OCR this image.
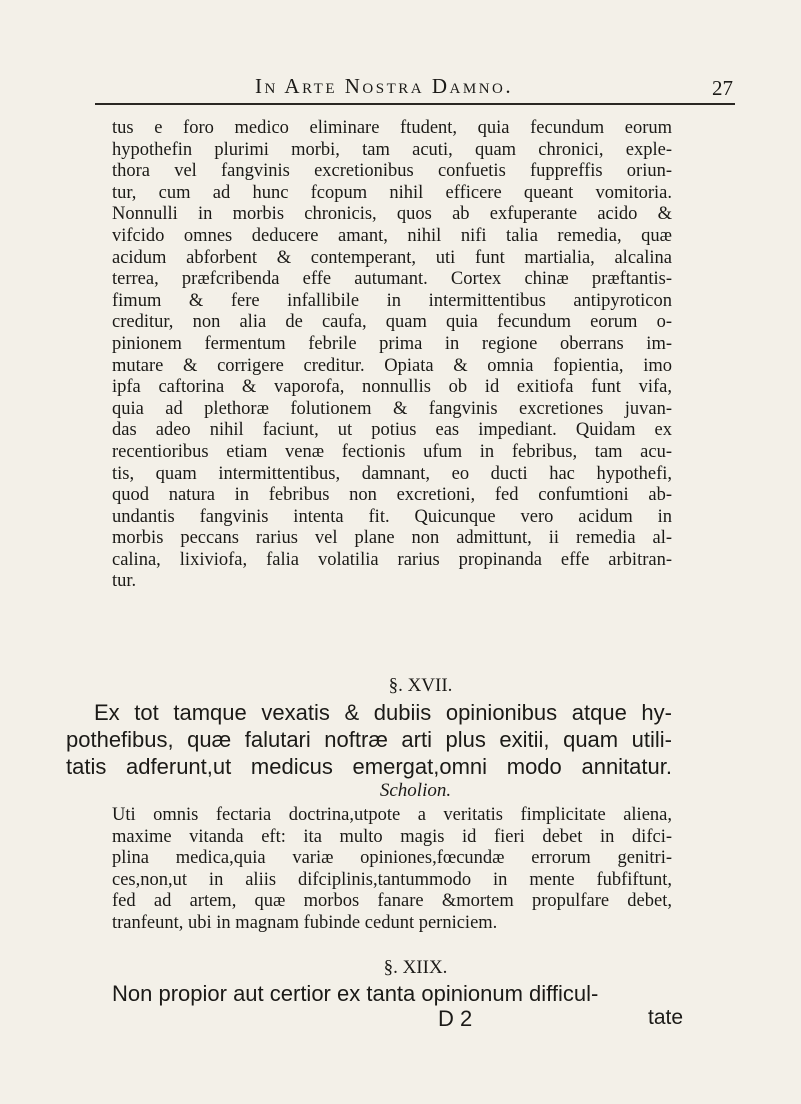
In Arte Nostra Damno.	27
tus e foro medico eliminare ftudent, quia fecundum eorum
hypothefin plurimi morbi, tam acuti, quam chronici, exple-
thora vel fangvinis excretionibus confuetis fuppreffis oriun-
tur, cum ad hunc fcopum nihil efficere queant vomitoria.
Nonnulli in morbis chronicis, quos ab exfuperante acido &
vifcido omnes deducere amant, nihil nifi talia remedia, quæ
acidum abforbent & contemperant, uti funt martialia, alcalina
terrea, præfcribenda effe autumant. Cortex chinæ præftantis-
fimum & fere infallibile in intermittentibus antipyroticon
creditur, non alia de caufa, quam quia fecundum eorum o-
pinionem fermentum febrile prima in regione oberrans im-
mutare & corrigere creditur. Opiata & omnia fopientia, imo
ipfa caftorina & vaporofa, nonnullis ob id exitiofa funt vifa,
quia ad plethoræ folutionem & fangvinis excretiones juvan-
das adeo nihil faciunt, ut potius eas impediant. Quidam ex
recentioribus etiam venæ fectionis ufum in febribus, tam acu-
tis, quam intermittentibus, damnant, eo ducti hac hypothefi,
quod natura in febribus non excretioni, fed confumtioni ab-
undantis fangvinis intenta fit. Quicunque vero acidum in
morbis peccans rarius vel plane non admittunt, ii remedia al-
calina, lixiviofa, falia volatilia rarius propinanda effe arbitran-
tur.
§. XVII.
Ex tot tamque vexatis & dubiis opinionibus atque hy-
pothefibus, quæ falutari noftræ arti plus exitii, quam utili-
tatis adferunt,ut medicus emergat,omni modo annitatur.
Scholion.
Uti omnis fectaria doctrina,utpote a veritatis fimplicitate aliena,
maxime vitanda eft: ita multo magis id fieri debet in difci-
plina medica,quia variæ opiniones,fœcundæ errorum genitri-
ces,non,ut in aliis difciplinis,tantummodo in mente fubfiftunt,
fed ad artem, quæ morbos fanare &mortem propulfare debet,
tranfeunt, ubi in magnam fubinde cedunt perniciem.
§. XIIX.
Non propior aut certior ex tanta opinionum difficul-
D 2	tate
